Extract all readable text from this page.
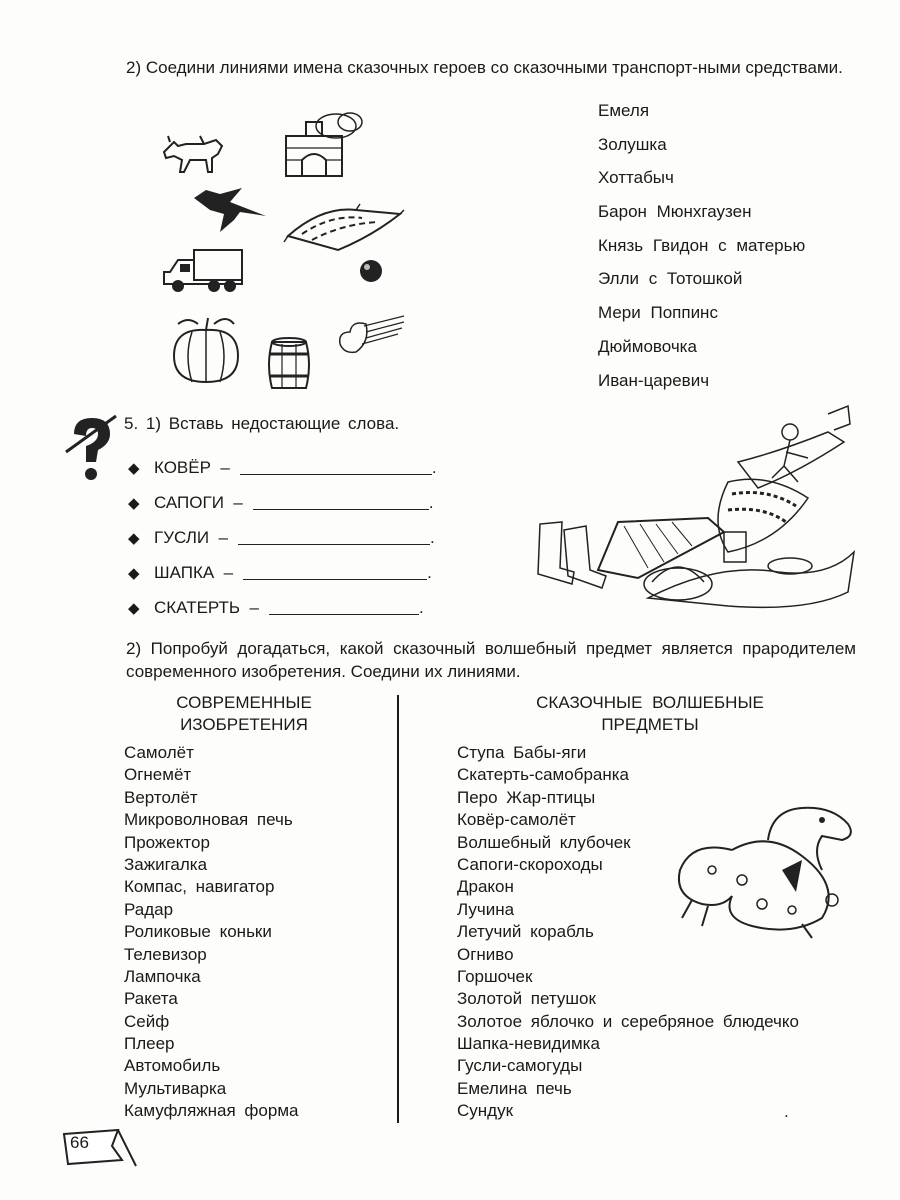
2) Соедини линиями имена сказочных героев со сказочными транспорт-ными средствами.
Емеля
Золушка
Хоттабыч
Барон Мюнхгаузен
Князь Гвидон с матерью
Элли с Тотошкой
Мери Поппинс
Дюймовочка
Иван-царевич
5. 1) Вставь недостающие слова.
◆ КОВЁР
–	.
◆ САПОГИ
–	.
◆ ГУСЛИ
–	.
◆ ШАПКА
–	.
◆ СКАТЕРТЬ
–	.
2) Попробуй догадаться, какой сказочный волшебный предмет является прародителем современного изобретения. Соедини их линиями.
СОВРЕМЕННЫЕ
ИЗОБРЕТЕНИЯ
СКАЗОЧНЫЕ ВОЛШЕБНЫЕ
ПРЕДМЕТЫ
Самолёт
Огнемёт
Вертолёт
Микроволновая печь
Прожектор
Зажигалка
Компас, навигатор
Радар
Роликовые коньки
Телевизор
Лампочка
Ракета
Сейф
Плеер
Автомобиль
Мультиварка
Камуфляжная форма
Ступа Бабы-яги
Скатерть-самобранка
Перо Жар-птицы
Ковёр-самолёт
Волшебный клубочек
Сапоги-скороходы
Дракон
Лучина
Летучий корабль
Огниво
Горшочек
Золотой петушок
Золотое яблочко и серебряное блюдечко
Шапка-невидимка
Гусли-самогуды
Емелина печь
Сундук	.
66
